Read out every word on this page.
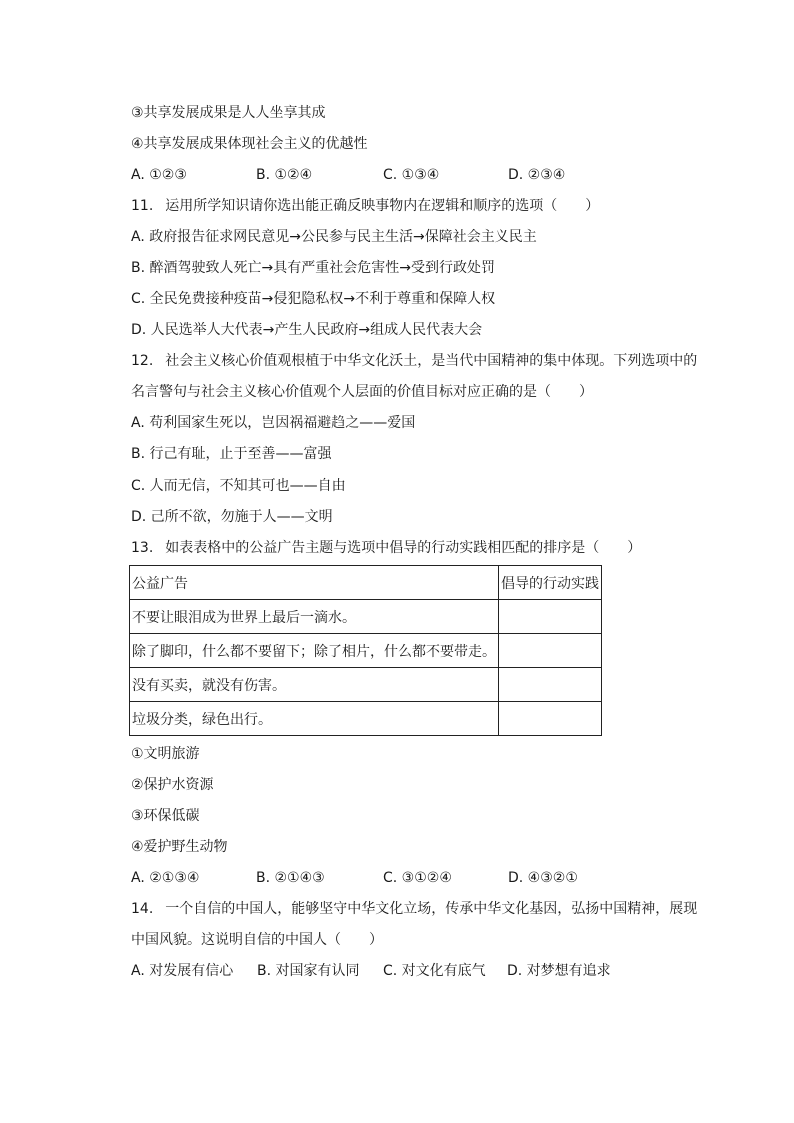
③共享发展成果是人人坐享其成
④共享发展成果体现社会主义的优越性
A. ①②③	B. ①②④	C. ①③④	D. ②③④
11. 运用所学知识请你选出能正确反映事物内在逻辑和顺序的选项（　　）
A. 政府报告征求网民意见→公民参与民主生活→保障社会主义民主
B. 醉酒驾驶致人死亡→具有严重社会危害性→受到行政处罚
C. 全民免费接种疫苗→侵犯隐私权→不利于尊重和保障人权
D. 人民选举人大代表→产生人民政府→组成人民代表大会
12. 社会主义核心价值观根植于中华文化沃土，是当代中国精神的集中体现。下列选项中的
名言警句与社会主义核心价值观个人层面的价值目标对应正确的是（　　）
A. 苟利国家生死以，岂因祸福避趋之——爱国
B. 行己有耻，止于至善——富强
C. 人而无信，不知其可也——自由
D. 己所不欲，勿施于人——文明
13. 如表表格中的公益广告主题与选项中倡导的行动实践相匹配的排序是（　　）
公益广告	倡导的行动实践
不要让眼泪成为世界上最后一滴水。	
除了脚印，什么都不要留下；除了相片，什么都不要带走。	
没有买卖，就没有伤害。	
垃圾分类，绿色出行。	
①文明旅游
②保护水资源
③环保低碳
④爱护野生动物
A. ②①③④	B. ②①④③	C. ③①②④	D. ④③②①
14. 一个自信的中国人，能够坚守中华文化立场，传承中华文化基因，弘扬中国精神，展现
中国风貌。这说明自信的中国人（　　）
A. 对发展有信心 B. 对国家有认同 C. 对文化有底气 D. 对梦想有追求
